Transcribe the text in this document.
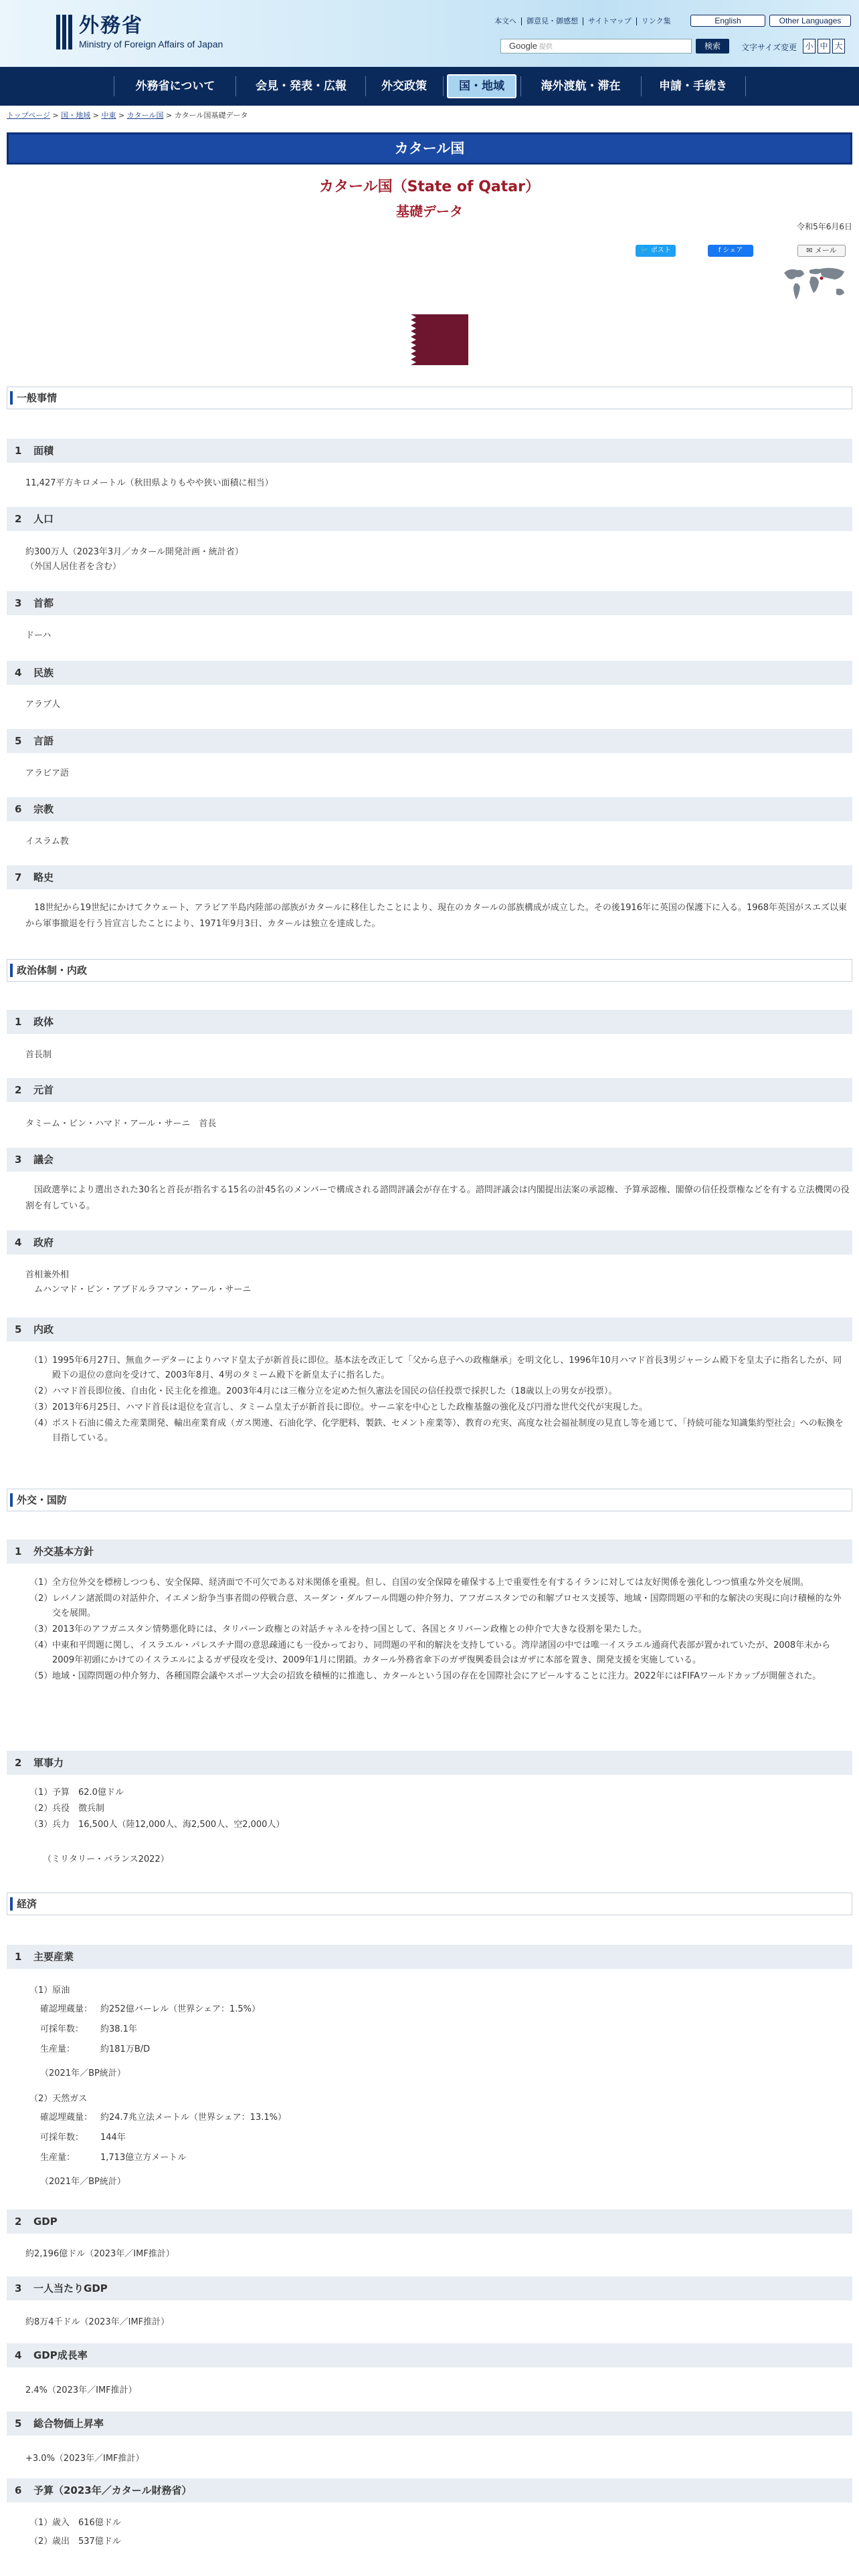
外務省
Ministry of Foreign Affairs of Japan
本文へ	御意見・御感想	サイトマップ	リンク集	English	Other Languages
Google 提供	検索	文字サイズ変更 小 中 大
外務省について	会見・発表・広報	外交政策	国・地域	海外渡航・滞在	申請・手続き
トップページ > 国・地域 > 中東 > カタール国 > カタール国基礎データ
カタール国
カタール国（State of Qatar）
基礎データ
令和5年6月6日
🐦 ポスト	f シェア	✉ メール
一般事情
1 面積
11,427平方キロメートル（秋田県よりもやや狭い面積に相当）
2 人口
約300万人（2023年3月／カタール開発計画・統計省）
（外国人居住者を含む）
3 首都
ドーハ
4 民族
アラブ人
5 言語
アラビア語
6 宗教
イスラム教
7 略史
18世紀から19世紀にかけてクウェート、アラビア半島内陸部の部族がカタールに移住したことにより、現在のカタールの部族構成が成立した。その後1916年に英国の保護下に入る。1968年英国がスエズ以東から軍事撤退を行う旨宣言したことにより、1971年9月3日、カタールは独立を達成した。
政治体制・内政
1 政体
首長制
2 元首
タミーム・ビン・ハマド・アール・サーニ　首長
3 議会
国政選挙により選出された30名と首長が指名する15名の計45名のメンバーで構成される諮問評議会が存在する。諮問評議会は内閣提出法案の承認権、予算承認権、閣僚の信任投票権などを有する立法機関の役割を有している。
4 政府
首相兼外相
　ムハンマド・ビン・アブドルラフマン・アール・サーニ
5 内政
（1） 1995年6月27日、無血クーデターによりハマド皇太子が新首長に即位。基本法を改正して「父から息子への政権継承」を明文化し、1996年10月ハマド首長3男ジャーシム殿下を皇太子に指名したが、同殿下の退位の意向を受けて、2003年8月、4男のタミーム殿下を新皇太子に指名した。
（2） ハマド首長即位後、自由化・民主化を推進。2003年4月には三権分立を定めた恒久憲法を国民の信任投票で採択した（18歳以上の男女が投票）。
（3） 2013年6月25日、ハマド首長は退位を宣言し、タミーム皇太子が新首長に即位。サーニ家を中心とした政権基盤の強化及び円滑な世代交代が実現した。
（4） ポスト石油に備えた産業開発、輸出産業育成（ガス関連、石油化学、化学肥料、製鉄、セメント産業等）、教育の充実、高度な社会福祉制度の見直し等を通じて、「持続可能な知識集約型社会」への転換を目指している。
外交・国防
1 外交基本方針
（1） 全方位外交を標榜しつつも、安全保障、経済面で不可欠である対米関係を重視。但し、自国の安全保障を確保する上で重要性を有するイランに対しては友好関係を強化しつつ慎重な外交を展開。
（2） レバノン諸派間の対話仲介、イエメン紛争当事者間の停戦合意、スーダン・ダルフール問題の仲介努力、アフガニスタンでの和解プロセス支援等、地域・国際問題の平和的な解決の実現に向け積極的な外交を展開。
（3） 2013年のアフガニスタン情勢悪化時には、タリバーン政権との対話チャネルを持つ国として、各国とタリバーン政権との仲介で大きな役割を果たした。
（4） 中東和平問題に関し、イスラエル・パレスチナ間の意思疎通にも一役かっており、同問題の平和的解決を支持している。湾岸諸国の中では唯一イスラエル通商代表部が置かれていたが、2008年末から2009年初頭にかけてのイスラエルによるガザ侵攻を受け、2009年1月に閉鎖。カタール外務省傘下のガザ復興委員会はガザに本部を置き、開発支援を実施している。
（5） 地域・国際問題の仲介努力、各種国際会議やスポーツ大会の招致を積極的に推進し、カタールという国の存在を国際社会にアピールすることに注力。2022年にはFIFAワールドカップが開催された。
2 軍事力
（1） 予算　62.0億ドル
（2） 兵役　徴兵制
（3） 兵力　16,500人（陸12,000人、海2,500人、空2,000人）
（ミリタリー・バランス2022）
経済
1 主要産業
（1）原油
確認埋蔵量： 約252億バーレル（世界シェア：1.5%）
可採年数： 約38.1年
生産量：	約181万B/D
（2021年／BP統計）
（2）天然ガス
確認埋蔵量： 約24.7兆立法メートル（世界シェア：13.1%）
可採年数： 144年
生産量：	1,713億立方メートル
（2021年／BP統計）
2 GDP
約2,196億ドル（2023年／IMF推計）
3 一人当たりGDP
約8万4千ドル（2023年／IMF推計）
4 GDP成長率
2.4%（2023年／IMF推計）
5 総合物価上昇率
+3.0%（2023年／IMF推計）
6 予算（2023年／カタール財務省）
（1） 歳入　616億ドル
（2） 歳出　537億ドル
